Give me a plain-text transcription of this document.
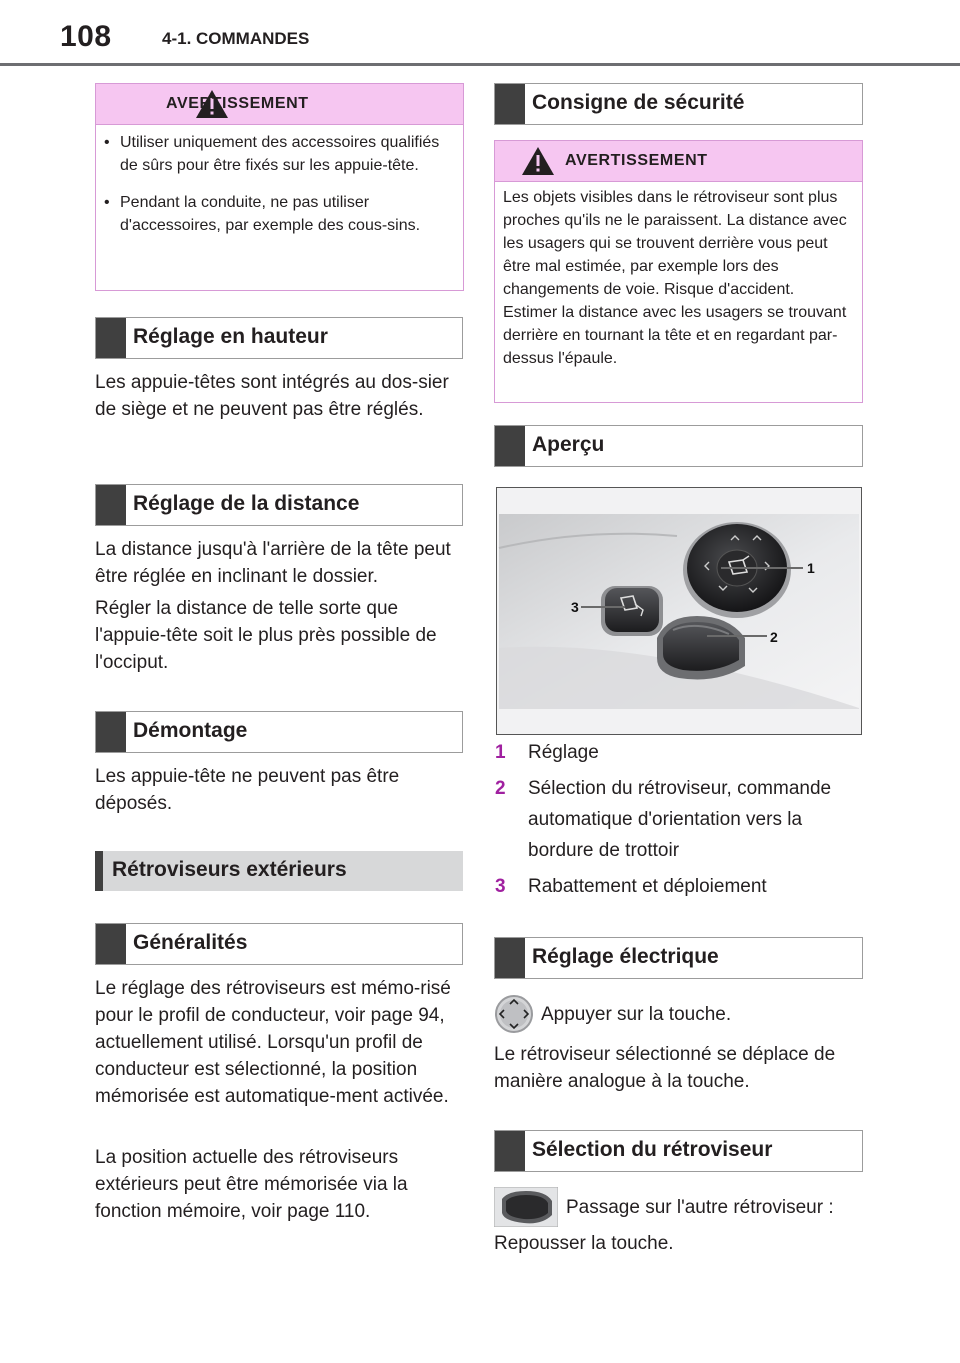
108	4-1. COMMANDES
AVERTISSEMENT
• Utiliser uniquement des accessoires qualifiés de sûrs pour être fixés sur les appuie-tête.
• Pendant la conduite, ne pas utiliser d'accessoires, par exemple des cous-sins.
Réglage en hauteur
Les appuie-têtes sont intégrés au dos-sier de siège et ne peuvent pas être réglés.
Réglage de la distance
La distance jusqu'à l'arrière de la tête peut être réglée en inclinant le dossier.
Régler la distance de telle sorte que l'appuie-tête soit le plus près possible de l'occiput.
Démontage
Les appuie-tête ne peuvent pas être déposés.
Rétroviseurs extérieurs
Généralités
Le réglage des rétroviseurs est mémo-risé pour le profil de conducteur, voir page 94, actuellement utilisé. Lorsqu'un profil de conducteur est sélectionné, la position mémorisée est automatique-ment activée.
La position actuelle des rétroviseurs extérieurs peut être mémorisée via la fonction mémoire, voir page 110.
Consigne de sécurité
AVERTISSEMENT
Les objets visibles dans le rétroviseur sont plus proches qu'ils ne le paraissent. La distance avec les usagers qui se trouvent derrière vous peut être mal estimée, par exemple lors des changements de voie. Risque d'accident. Estimer la distance avec les usagers se trouvant derrière en tournant la tête et en regardant par-dessus l'épaule.
Aperçu
1
2
3
1 Réglage
2 Sélection du rétroviseur, commande automatique d'orientation vers la bordure de trottoir
3 Rabattement et déploiement
Réglage électrique
Appuyer sur la touche.
Le rétroviseur sélectionné se déplace de manière analogue à la touche.
Sélection du rétroviseur
Passage sur l'autre rétroviseur :
Repousser la touche.
